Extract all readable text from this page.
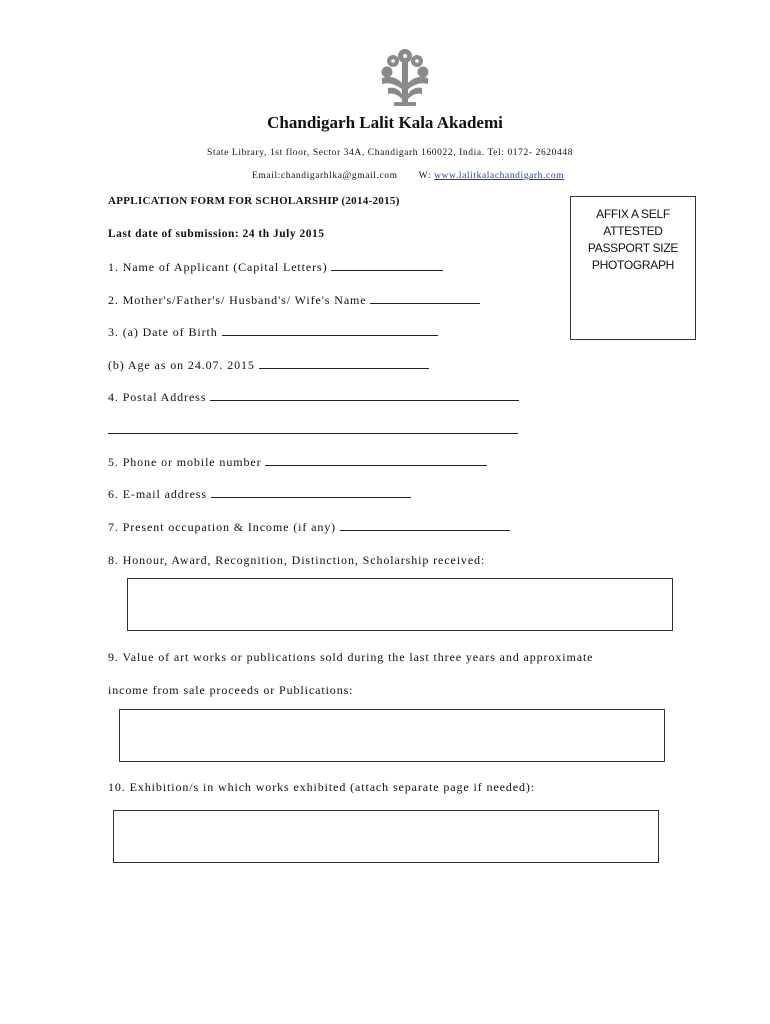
Chandigarh Lalit Kala Akademi
State Library, 1st floor, Sector 34A, Chandigarh 160022, India. Tel: 0172- 2620448
Email:chandigarhlka@gmail.com W: www.lalitkalachandigarh.com
APPLICATION FORM FOR SCHOLARSHIP (2014-2015)
Last date of submission: 24 th July 2015
AFFIX A SELF
ATTESTED
PASSPORT SIZE
PHOTOGRAPH
1. Name of Applicant (Capital Letters)
2. Mother's/Father's/ Husband's/ Wife's Name
3. (a) Date of Birth
(b) Age as on 24.07. 2015
4. Postal Address
5. Phone or mobile number
6. E-mail address
7. Present occupation & Income (if any)
8. Honour, Award, Recognition, Distinction, Scholarship received:
9. Value of art works or publications sold during the last three years and approximate
income from sale proceeds or Publications:
10. Exhibition/s in which works exhibited (attach separate page if needed):
